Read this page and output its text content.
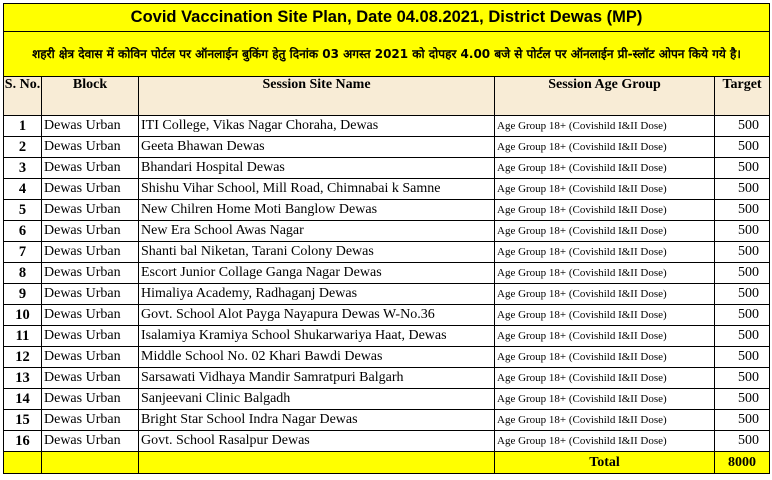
Covid Vaccination Site Plan, Date 04.08.2021, District Dewas (MP)				
शहरी क्षेत्र देवास में कोविन पोर्टल पर ऑनलाईन बुकिंग हेतु दिनांक 03 अगस्त 2021 को दोपहर 4.00 बजे से पोर्टल पर ऑनलाईन प्री-स्लॉट ओपन किये गये है।				
S. No.	Block	Session Site Name	Session Age Group	Target
1	Dewas Urban	ITI College, Vikas Nagar Choraha, Dewas	Age Group 18+ (Covishild I&II Dose)	500
2	Dewas Urban	Geeta Bhawan Dewas	Age Group 18+ (Covishild I&II Dose)	500
3	Dewas Urban	Bhandari Hospital Dewas	Age Group 18+ (Covishild I&II Dose)	500
4	Dewas Urban	Shishu Vihar School, Mill Road, Chimnabai k Samne	Age Group 18+ (Covishild I&II Dose)	500
5	Dewas Urban	New Chilren Home Moti Banglow Dewas	Age Group 18+ (Covishild I&II Dose)	500
6	Dewas Urban	New Era School Awas Nagar	Age Group 18+ (Covishild I&II Dose)	500
7	Dewas Urban	Shanti bal Niketan, Tarani Colony Dewas	Age Group 18+ (Covishild I&II Dose)	500
8	Dewas Urban	Escort Junior Collage Ganga Nagar Dewas	Age Group 18+ (Covishild I&II Dose)	500
9	Dewas Urban	Himaliya Academy, Radhaganj Dewas	Age Group 18+ (Covishild I&II Dose)	500
10	Dewas Urban	Govt. School Alot Payga Nayapura Dewas W-No.36	Age Group 18+ (Covishild I&II Dose)	500
11	Dewas Urban	Isalamiya Kramiya School Shukarwariya Haat, Dewas	Age Group 18+ (Covishild I&II Dose)	500
12	Dewas Urban	Middle School No. 02 Khari Bawdi Dewas	Age Group 18+ (Covishild I&II Dose)	500
13	Dewas Urban	Sarsawati Vidhaya Mandir Samratpuri Balgarh	Age Group 18+ (Covishild I&II Dose)	500
14	Dewas Urban	Sanjeevani Clinic Balgadh	Age Group 18+ (Covishild I&II Dose)	500
15	Dewas Urban	Bright Star School Indra Nagar Dewas	Age Group 18+ (Covishild I&II Dose)	500
16	Dewas Urban	Govt. School Rasalpur Dewas	Age Group 18+ (Covishild I&II Dose)	500
			Total	8000
